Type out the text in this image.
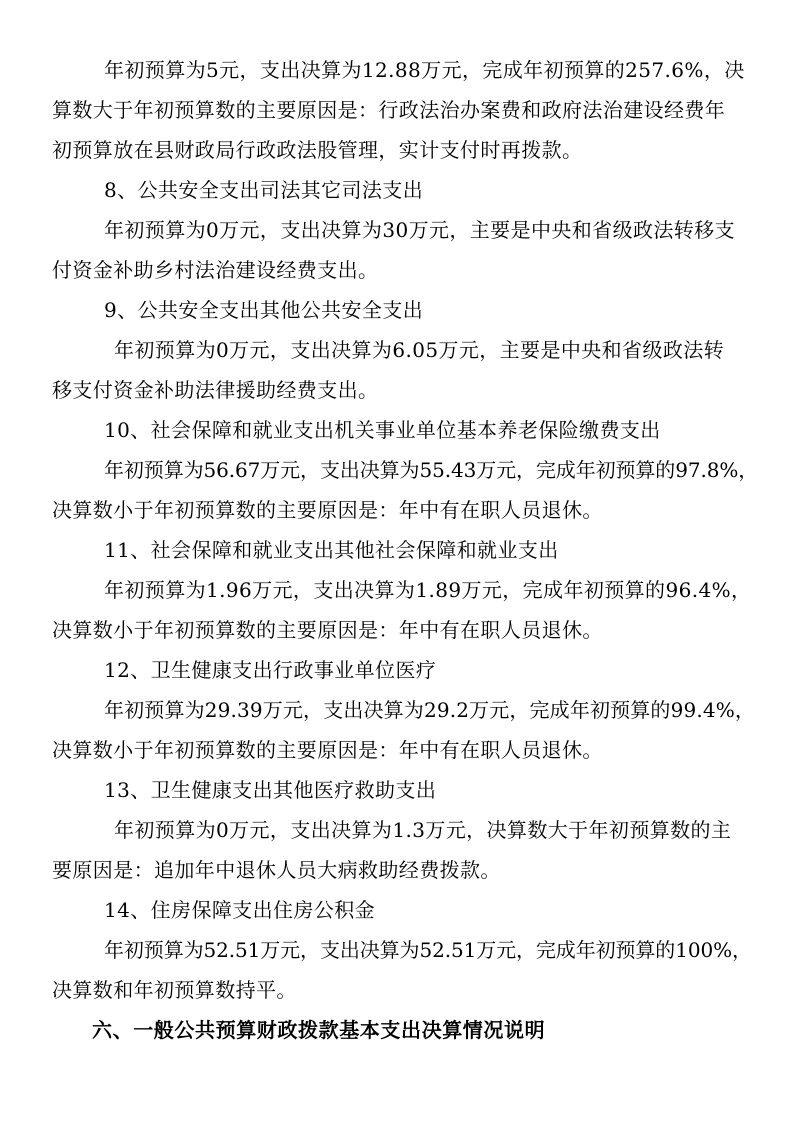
年初预算为5元，支出决算为12.88万元，完成年初预算的257.6%，决
算数大于年初预算数的主要原因是：行政法治办案费和政府法治建设经费年
初预算放在县财政局行政政法股管理，实计支付时再拨款。
8、公共安全支出司法其它司法支出
年初预算为0万元，支出决算为30万元，主要是中央和省级政法转移支
付资金补助乡村法治建设经费支出。
9、公共安全支出其他公共安全支出
年初预算为0万元，支出决算为6.05万元，主要是中央和省级政法转
移支付资金补助法律援助经费支出。
10、社会保障和就业支出机关事业单位基本养老保险缴费支出
年初预算为56.67万元，支出决算为55.43万元，完成年初预算的97.8%，
决算数小于年初预算数的主要原因是：年中有在职人员退休。
11、社会保障和就业支出其他社会保障和就业支出
年初预算为1.96万元，支出决算为1.89万元，完成年初预算的96.4%，
决算数小于年初预算数的主要原因是：年中有在职人员退休。
12、卫生健康支出行政事业单位医疗
年初预算为29.39万元，支出决算为29.2万元，完成年初预算的99.4%，
决算数小于年初预算数的主要原因是：年中有在职人员退休。
13、卫生健康支出其他医疗救助支出
年初预算为0万元，支出决算为1.3万元，决算数大于年初预算数的主
要原因是：追加年中退休人员大病救助经费拨款。
14、住房保障支出住房公积金
年初预算为52.51万元，支出决算为52.51万元，完成年初预算的100%，
决算数和年初预算数持平。
六、一般公共预算财政拨款基本支出决算情况说明
